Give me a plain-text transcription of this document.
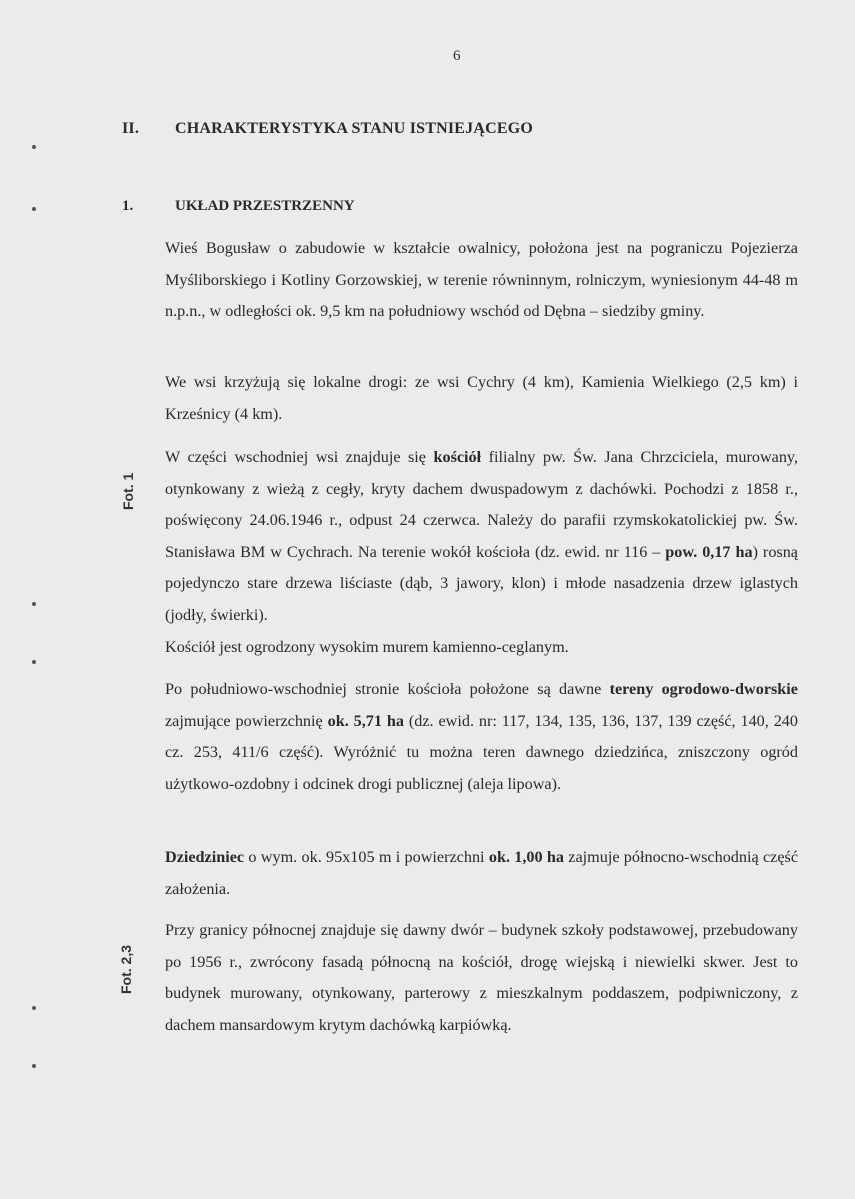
6
II. CHARAKTERYSTYKA STANU ISTNIEJĄCEGO
1.	UKŁAD PRZESTRZENNY

Wieś Bogusław o zabudowie w kształcie owalnicy, położona jest na pograniczu Pojezierza Myśliborskiego i Kotliny Gorzowskiej, w terenie równinnym, rolniczym, wyniesionym 44-48 m n.p.n., w odległości ok. 9,5 km na południowy wschód od Dębna – siedziby gminy.

We wsi krzyżują się lokalne drogi: ze wsi Cychry (4 km), Kamienia Wielkiego (2,5 km) i Krześnicy (4 km).

W części wschodniej wsi znajduje się kościół filialny pw. Św. Jana Chrzciciela, murowany, otynkowany z wieżą z cegły, kryty dachem dwuspadowym z dachówki. Pochodzi z 1858 r., poświęcony 24.06.1946 r., odpust 24 czerwca. Należy do parafii rzymskokatolickiej pw. Św. Stanisława BM w Cychrach. Na terenie wokół kościoła (dz. ewid. nr 116 – pow. 0,17 ha) rosną pojedynczo stare drzewa liściaste (dąb, 3 jawory, klon) i młode nasadzenia drzew iglastych (jodły, świerki).

Kościół jest ogrodzony wysokim murem kamienno-ceglanym.

Po południowo-wschodniej stronie kościoła położone są dawne tereny ogrodowo-dworskie zajmujące powierzchnię ok. 5,71 ha (dz. ewid. nr: 117, 134, 135, 136, 137, 139 część, 140, 240 cz. 253, 411/6 część). Wyróżnić tu można teren dawnego dziedzińca, zniszczony ogród użytkowo-ozdobny i odcinek drogi publicznej (aleja lipowa).

Dziedziniec o wym. ok. 95x105 m i powierzchni ok. 1,00 ha zajmuje północno-wschodnią część założenia.

Przy granicy północnej znajduje się dawny dwór – budynek szkoły podstawowej, przebudowany po 1956 r., zwrócony fasadą północną na kościół, drogę wiejską i niewielki skwer. Jest to budynek murowany, otynkowany, parterowy z mieszkalnym poddaszem, podpiwniczony, z dachem mansardowym krytym dachówką karpiówką.

Fot. 1
Fot. 2,3
